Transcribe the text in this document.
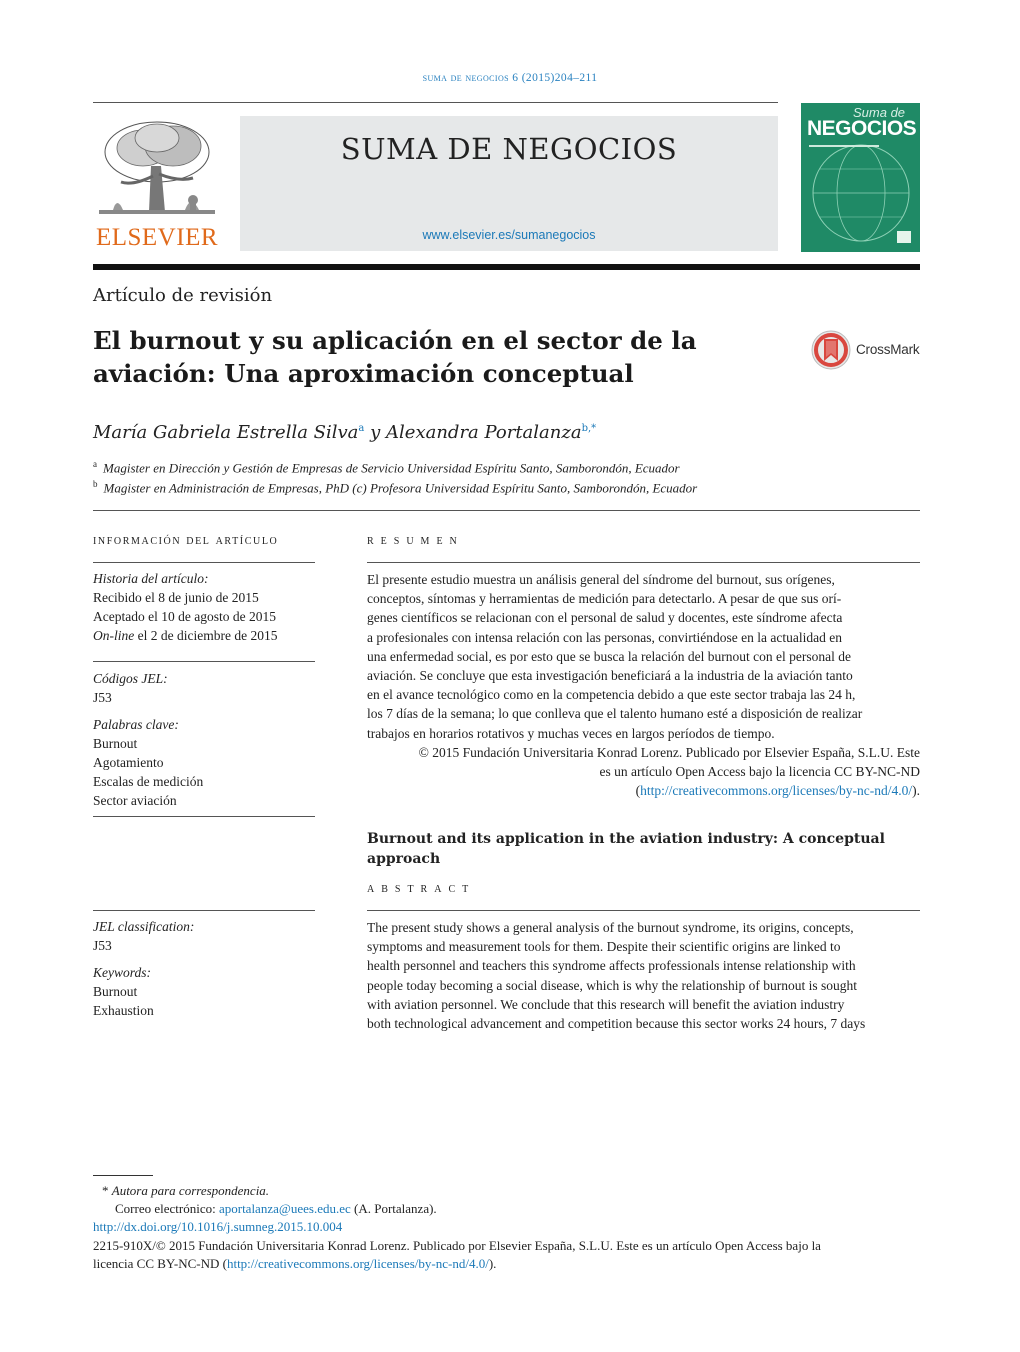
suma de negocios 6 (2015)204–211
ELSEVIER
SUMA DE NEGOCIOS
www.elsevier.es/sumanegocios
Suma de
NEGOCIOS
Artículo de revisión
El burnout y su aplicación en el sector de la
aviación: Una aproximación conceptual
CrossMark
María Gabriela Estrella Silva$^a$ y Alexandra Portalanza$^{b,*}$
$^a$ Magister en Dirección y Gestión de Empresas de Servicio Universidad Espíritu Santo, Samborondón, Ecuador
$^b$ Magister en Administración de Empresas, PhD (c) Profesora Universidad Espíritu Santo, Samborondón, Ecuador
información del artículo
Historia del artículo:
Recibido el 8 de junio de 2015
Aceptado el 10 de agosto de 2015
On-line el 2 de diciembre de 2015
Códigos JEL:
J53
Palabras clave:
Burnout
Agotamiento
Escalas de medición
Sector aviación
JEL classification:
J53
Keywords:
Burnout
Exhaustion
resumen
El presente estudio muestra un análisis general del síndrome del burnout, sus orígenes,
conceptos, síntomas y herramientas de medición para detectarlo. A pesar de que sus orí-
genes científicos se relacionan con el personal de salud y docentes, este síndrome afecta
a profesionales con intensa relación con las personas, convirtiéndose en la actualidad en
una enfermedad social, es por esto que se busca la relación del burnout con el personal de
aviación. Se concluye que esta investigación beneficiará a la industria de la aviación tanto
en el avance tecnológico como en la competencia debido a que este sector trabaja las 24 h,
los 7 días de la semana; lo que conlleva que el talento humano esté a disposición de realizar
trabajos en horarios rotativos y muchas veces en largos períodos de tiempo.
© 2015 Fundación Universitaria Konrad Lorenz. Publicado por Elsevier España, S.L.U. Este
es un artículo Open Access bajo la licencia CC BY-NC-ND
(http://creativecommons.org/licenses/by-nc-nd/4.0/).
Burnout and its application in the aviation industry: A conceptual
approach
abstract
The present study shows a general analysis of the burnout syndrome, its origins, concepts,
symptoms and measurement tools for them. Despite their scientific origins are linked to
health personnel and teachers this syndrome affects professionals intense relationship with
people today becoming a social disease, which is why the relationship of burnout is sought
with aviation personnel. We conclude that this research will benefit the aviation industry
both technological advancement and competition because this sector works 24 hours, 7 days
* Autora para correspondencia.
Correo electrónico: aportalanza@uees.edu.ec (A. Portalanza).
http://dx.doi.org/10.1016/j.sumneg.2015.10.004
2215-910X/© 2015 Fundación Universitaria Konrad Lorenz. Publicado por Elsevier España, S.L.U. Este es un artículo Open Access bajo la
licencia CC BY-NC-ND (http://creativecommons.org/licenses/by-nc-nd/4.0/).
